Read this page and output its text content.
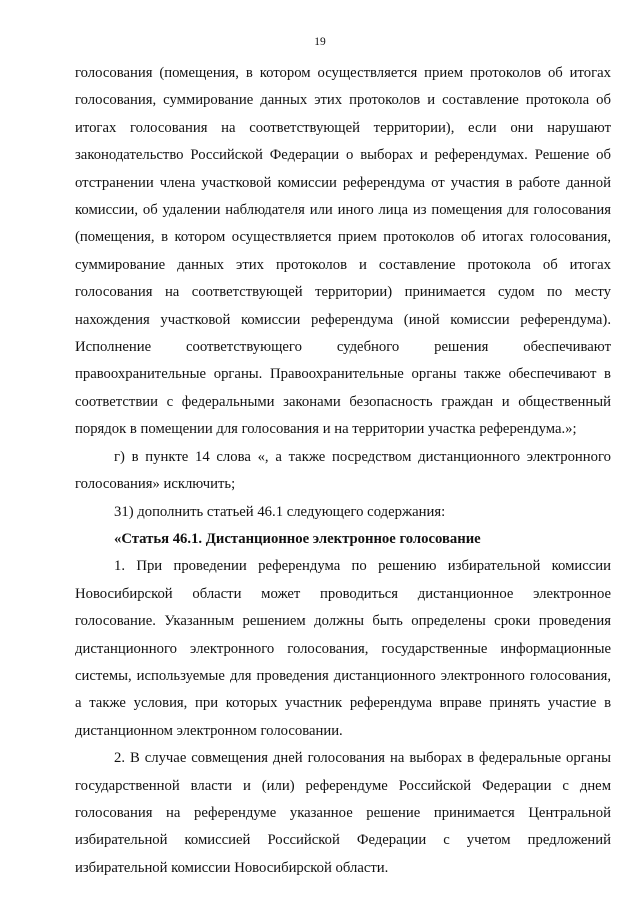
19

голосования (помещения, в котором осуществляется прием протоколов об итогах голосования, суммирование данных этих протоколов и составление протокола об итогах голосования на соответствующей территории), если они нарушают законодательство Российской Федерации о выборах и референдумах. Решение об отстранении члена участковой комиссии референдума от участия в работе данной комиссии, об удалении наблюдателя или иного лица из помещения для голосования (помещения, в котором осуществляется прием протоколов об итогах голосования, суммирование данных этих протоколов и составление протокола об итогах голосования на соответствующей территории) принимается судом по месту нахождения участковой комиссии референдума (иной комиссии референдума). Исполнение соответствующего судебного решения обеспечивают правоохранительные органы. Правоохранительные органы также обеспечивают в соответствии с федеральными законами безопасность граждан и общественный порядок в помещении для голосования и на территории участка референдума.»;

г) в пункте 14 слова «, а также посредством дистанционного электронного голосования» исключить;

31) дополнить статьей 46.1 следующего содержания:

«Статья 46.1. Дистанционное электронное голосование

1. При проведении референдума по решению избирательной комиссии Новосибирской области может проводиться дистанционное электронное голосование. Указанным решением должны быть определены сроки проведения дистанционного электронного голосования, государственные информационные системы, используемые для проведения дистанционного электронного голосования, а также условия, при которых участник референдума вправе принять участие в дистанционном электронном голосовании.

2. В случае совмещения дней голосования на выборах в федеральные органы государственной власти и (или) референдуме Российской Федерации с днем голосования на референдуме указанное решение принимается Центральной избирательной комиссией Российской Федерации с учетом предложений избирательной комиссии Новосибирской области.
